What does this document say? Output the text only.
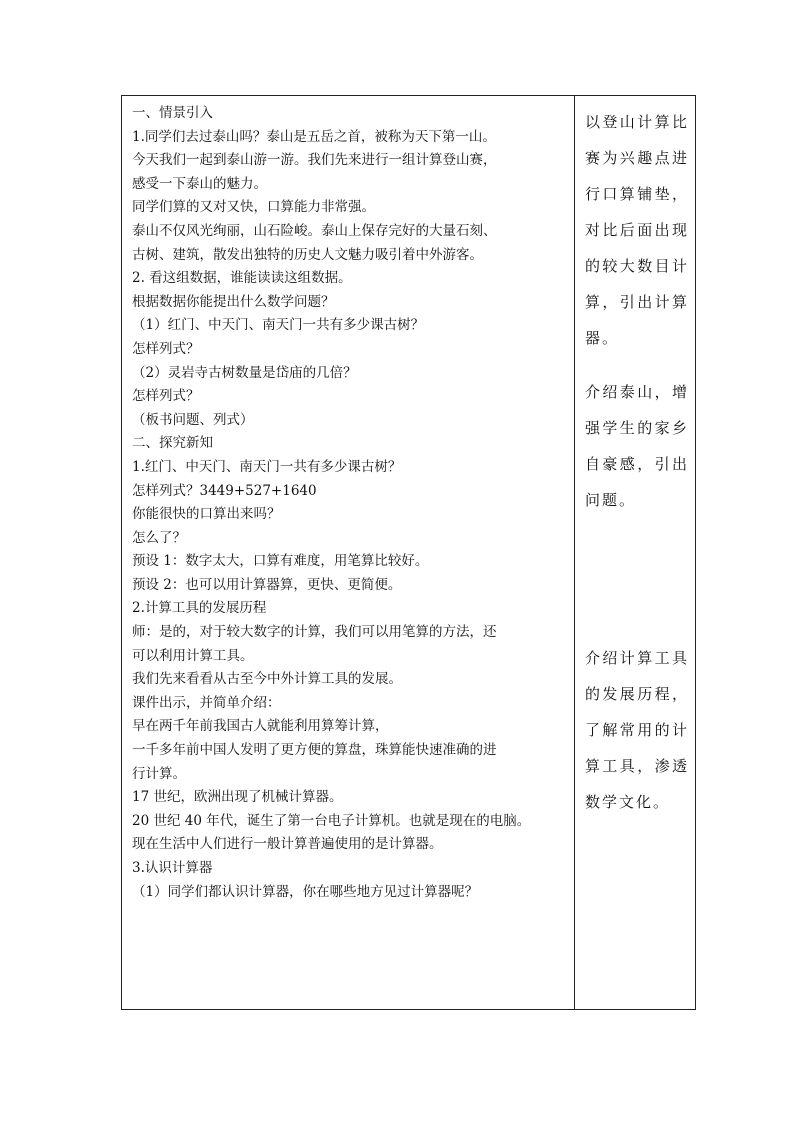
一、情景引入
1.同学们去过泰山吗？泰山是五岳之首，被称为天下第一山。
今天我们一起到泰山游一游。我们先来进行一组计算登山赛，
感受一下泰山的魅力。
同学们算的又对又快，口算能力非常强。
泰山不仅风光绚丽，山石险峻。泰山上保存完好的大量石刻、
古树、建筑，散发出独特的历史人文魅力吸引着中外游客。
2. 看这组数据，谁能读读这组数据。
根据数据你能提出什么数学问题？
（1）红门、中天门、南天门一共有多少课古树？
怎样列式？
（2）灵岩寺古树数量是岱庙的几倍？
怎样列式？
（板书问题、列式）
二、探究新知
1.红门、中天门、南天门一共有多少课古树？
怎样列式？3449+527+1640
你能很快的口算出来吗？
怎么了？
预设 1：数字太大，口算有难度，用笔算比较好。
预设 2：也可以用计算器算，更快、更简便。
2.计算工具的发展历程
师：是的，对于较大数字的计算，我们可以用笔算的方法，还
可以利用计算工具。
我们先来看看从古至今中外计算工具的发展。
课件出示，并简单介绍：
早在两千年前我国古人就能利用算筹计算，
一千多年前中国人发明了更方便的算盘，珠算能快速准确的进
行计算。
17 世纪，欧洲出现了机械计算器。
20 世纪 40 年代，诞生了第一台电子计算机。也就是现在的电脑。
现在生活中人们进行一般计算普遍使用的是计算器。
3.认识计算器
（1）同学们都认识计算器，你在哪些地方见过计算器呢？
以登山计算比赛为兴趣点进行口算铺垫，对比后面出现的较大数目计算，引出计算器。
介绍泰山，增强学生的家乡自豪感，引出问题。
介绍计算工具的发展历程，了解常用的计算工具，渗透数学文化。
